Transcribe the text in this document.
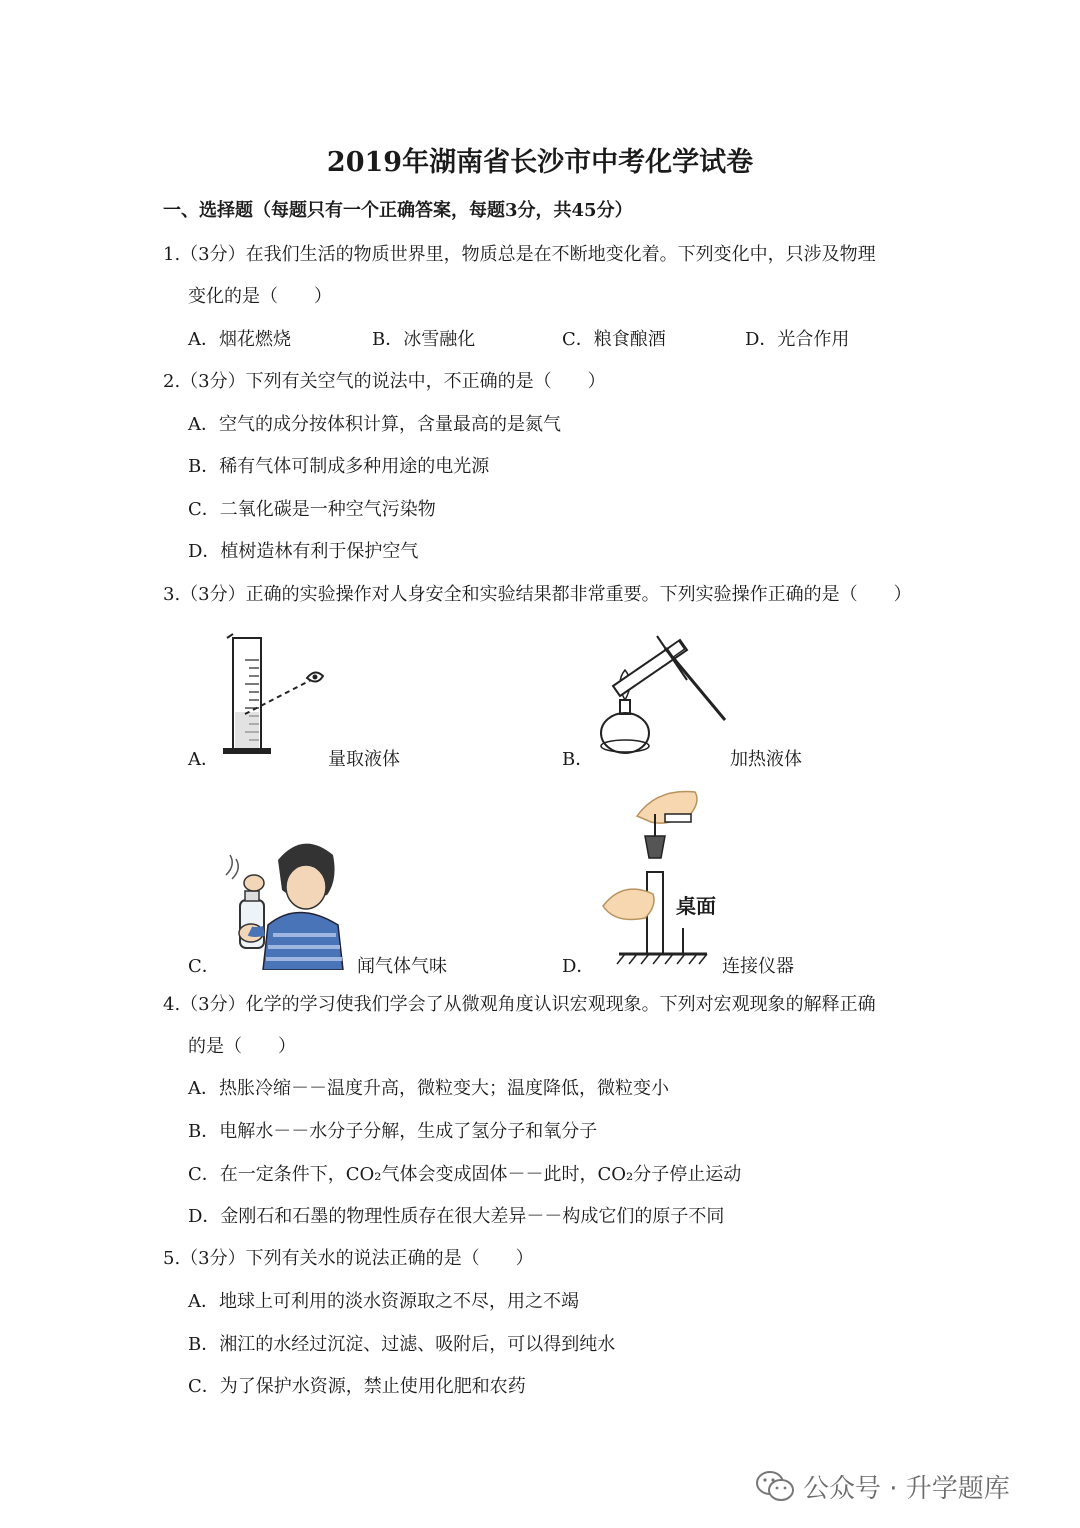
2019年湖南省长沙市中考化学试卷
一、选择题（每题只有一个正确答案，每题3分，共45分）
1.（3分）在我们生活的物质世界里，物质总是在不断地变化着。下列变化中，只涉及物理
变化的是（　　）
A．烟花燃烧	B．冰雪融化	C．粮食酿酒	D．光合作用
2.（3分）下列有关空气的说法中，不正确的是（　　）
A．空气的成分按体积计算，含量最高的是氮气
B．稀有气体可制成多种用途的电光源
C．二氧化碳是一种空气污染物
D．植树造林有利于保护空气
3.（3分）正确的实验操作对人身安全和实验结果都非常重要。下列实验操作正确的是（　　）
A．	量取液体	B．	加热液体
C．	闻气体气味
桌面
D．	连接仪器
4.（3分）化学的学习使我们学会了从微观角度认识宏观现象。下列对宏观现象的解释正确
的是（　　）
A．热胀冷缩－－温度升高，微粒变大；温度降低，微粒变小
B．电解水－－水分子分解，生成了氢分子和氧分子
C．在一定条件下，CO₂气体会变成固体－－此时，CO₂分子停止运动
D．金刚石和石墨的物理性质存在很大差异－－构成它们的原子不同
5.（3分）下列有关水的说法正确的是（　　）
A．地球上可利用的淡水资源取之不尽，用之不竭
B．湘江的水经过沉淀、过滤、吸附后，可以得到纯水
C．为了保护水资源，禁止使用化肥和农药
公众号 · 升学题库
